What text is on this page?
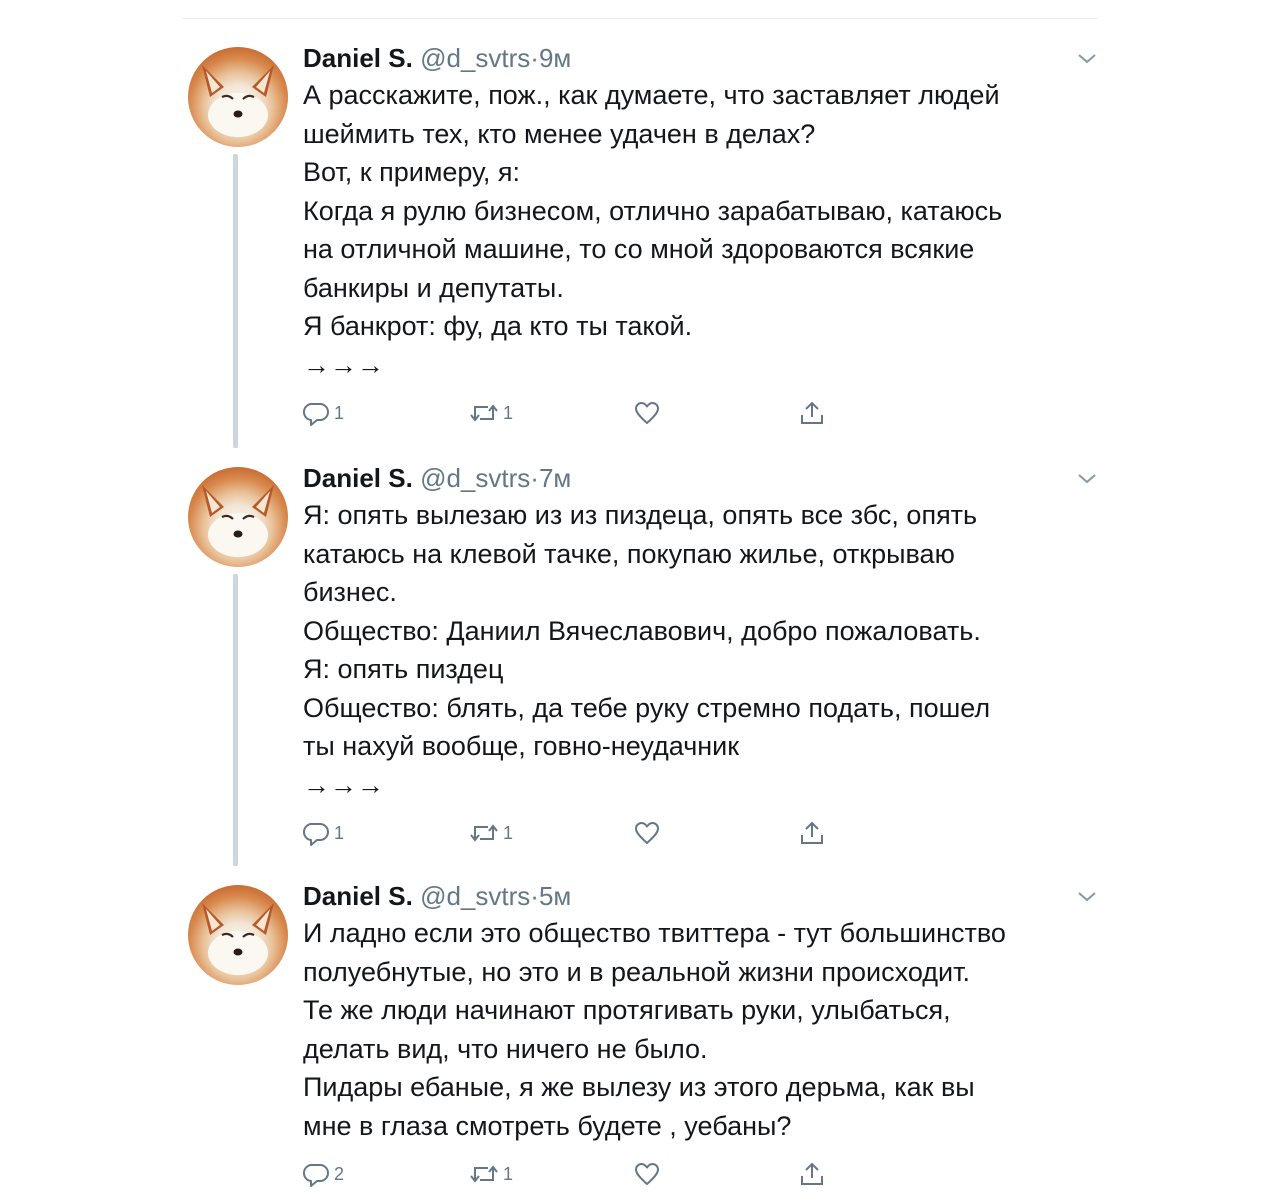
Daniel S. @d_svtrs·9м
А расскажите, пож., как думаете, что заставляет людей
шеймить тех, кто менее удачен в делах?
Вот, к примеру, я:
Когда я рулю бизнесом, отлично зарабатываю, катаюсь
на отличной машине, то со мной здороваются всякие
банкиры и депутаты.
Я банкрот: фу, да кто ты такой.
→→→
1	1
Daniel S. @d_svtrs·7м
Я: опять вылезаю из из пиздеца, опять все збс, опять
катаюсь на клевой тачке, покупаю жилье, открываю
бизнес.
Общество: Даниил Вячеславович, добро пожаловать.
Я: опять пиздец
Общество: блять, да тебе руку стремно подать, пошел
ты нахуй вообще, говно-неудачник
→→→
1	1
Daniel S. @d_svtrs·5м
И ладно если это общество твиттера - тут большинство
полуебнутые, но это и в реальной жизни происходит.
Те же люди начинают протягивать руки, улыбаться,
делать вид, что ничего не было.
Пидары ебаные, я же вылезу из этого дерьма, как вы
мне в глаза смотреть будете , уебаны?
2	1
